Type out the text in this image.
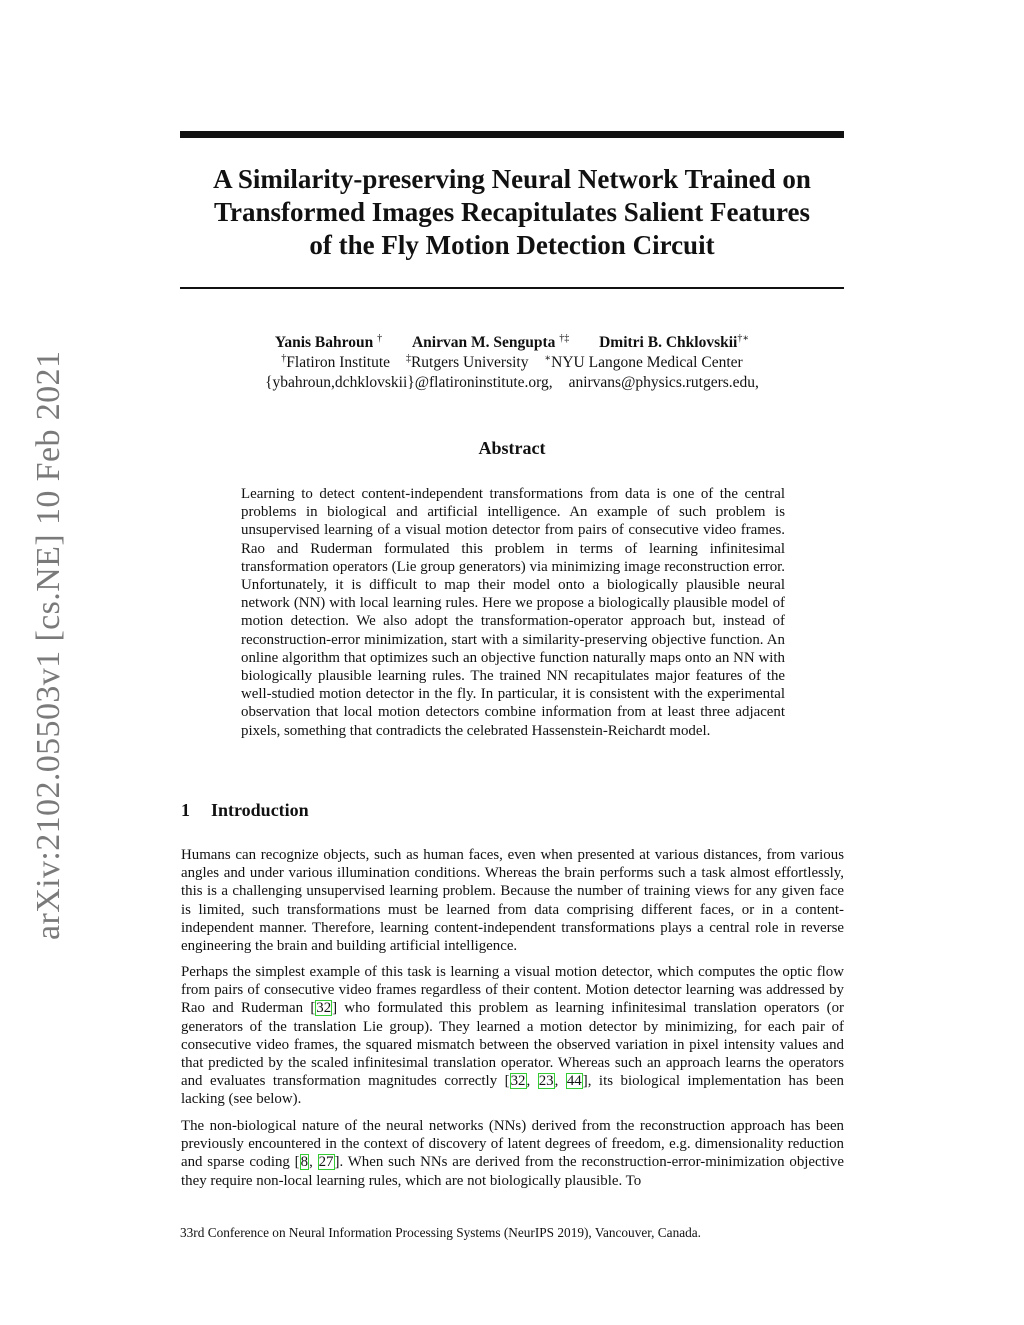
arXiv:2102.05503v1 [cs.NE] 10 Feb 2021
A Similarity-preserving Neural Network Trained on
Transformed Images Recapitulates Salient Features
of the Fly Motion Detection Circuit
Yanis Bahroun † Anirvan M. Sengupta †‡ Dmitri B. Chklovskii†∗
†Flatiron Institute ‡Rutgers University ∗NYU Langone Medical Center
{ybahroun,dchklovskii}@flatironinstitute.org, anirvans@physics.rutgers.edu,
Abstract

Learning to detect content-independent transformations from data is one of the central problems in biological and artificial intelligence. An example of such problem is unsupervised learning of a visual motion detector from pairs of consecutive video frames. Rao and Ruderman formulated this problem in terms of learning infinitesimal transformation operators (Lie group generators) via minimizing image reconstruction error. Unfortunately, it is difficult to map their model onto a biologically plausible neural network (NN) with local learning rules. Here we propose a biologically plausible model of motion detection. We also adopt the transformation-operator approach but, instead of reconstruction-error minimization, start with a similarity-preserving objective function. An online algorithm that optimizes such an objective function naturally maps onto an NN with biologically plausible learning rules. The trained NN recapitulates major features of the well-studied motion detector in the fly. In particular, it is consistent with the experimental observation that local motion detectors combine information from at least three adjacent pixels, something that contradicts the celebrated Hassenstein-Reichardt model.

1 Introduction

Humans can recognize objects, such as human faces, even when presented at various distances, from various angles and under various illumination conditions. Whereas the brain performs such a task almost effortlessly, this is a challenging unsupervised learning problem. Because the number of training views for any given face is limited, such transformations must be learned from data comprising different faces, or in a content-independent manner. Therefore, learning content-independent transformations plays a central role in reverse engineering the brain and building artificial intelligence.

Perhaps the simplest example of this task is learning a visual motion detector, which computes the optic flow from pairs of consecutive video frames regardless of their content. Motion detector learning was addressed by Rao and Ruderman [32] who formulated this problem as learning infinitesimal translation operators (or generators of the translation Lie group). They learned a motion detector by minimizing, for each pair of consecutive video frames, the squared mismatch between the observed variation in pixel intensity values and that predicted by the scaled infinitesimal translation operator. Whereas such an approach learns the operators and evaluates transformation magnitudes correctly [32, 23, 44], its biological implementation has been lacking (see below).

The non-biological nature of the neural networks (NNs) derived from the reconstruction approach has been previously encountered in the context of discovery of latent degrees of freedom, e.g. dimensionality reduction and sparse coding [8, 27]. When such NNs are derived from the reconstruction-error-minimization objective they require non-local learning rules, which are not biologically plausible. To

33rd Conference on Neural Information Processing Systems (NeurIPS 2019), Vancouver, Canada.
